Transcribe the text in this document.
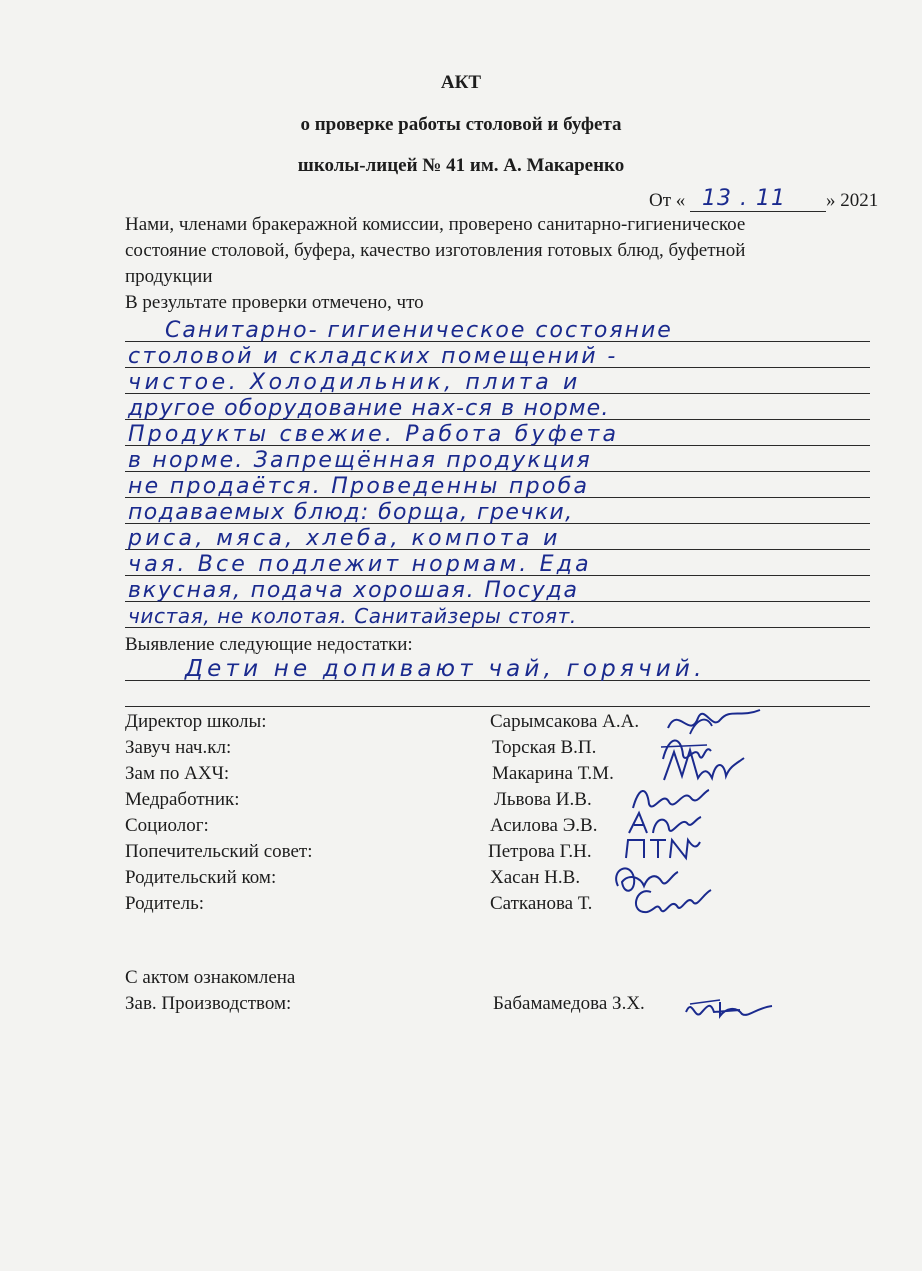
АКТ
о проверке работы столовой и буфета
школы-лицей № 41 им. А. Макаренко
От « 13 . 11 » 2021
Нами, членами бракеражной комиссии, проверено санитарно-гигиеническое
состояние столовой, буфера, качество изготовления готовых блюд, буфетной
продукции
В результате проверки отмечено, что
Санитарно- гигиеническое состояние
столовой и складских помещений -
чистое. Холодильник, плита и
другое оборудование нах-ся в норме.
Продукты свежие. Работа буфета
в норме. Запрещённая продукция
не продаётся. Проведенны проба
подаваемых блюд: борща, гречки,
риса, мяса, хлеба, компота и
чая. Все подлежит нормам. Еда
вкусная, подача хорошая. Посуда
чистая, не колотая. Санитайзеры стоят.
Выявление следующие недостатки:
Дети не допивают чай, горячий.
Директор школы:	Сарымсакова А.А.
Завуч нач.кл:	Торская В.П.
Зам по АХЧ:	Макарина Т.М.
Медработник:	Львова И.В.
Социолог:	Асилова Э.В.
Попечительский совет:	Петрова Г.Н.
Родительский ком:	Хасан Н.В.
Родитель:	Сатканова Т.
С актом ознакомлена
Зав. Производством:	Бабамамедова З.Х.
